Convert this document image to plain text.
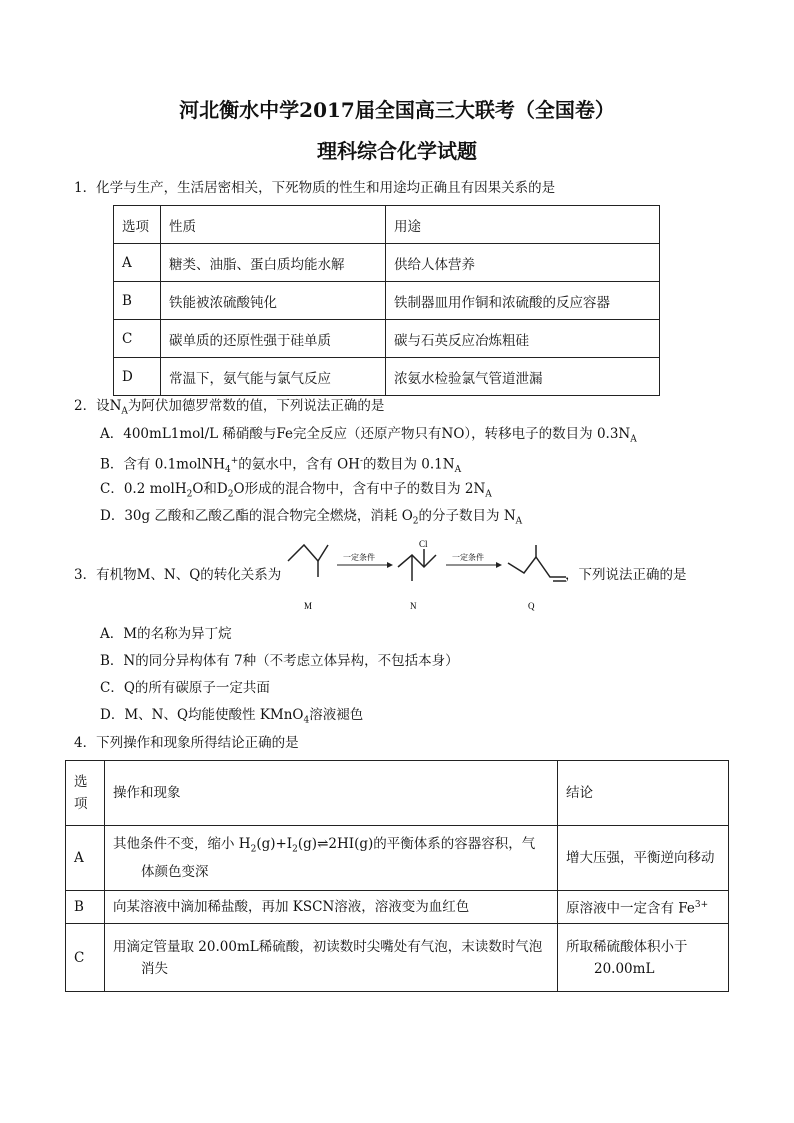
河北衡水中学2017届全国高三大联考（全国卷）
理科综合化学试题
1．化学与生产，生活居密相关，下死物质的性生和用途均正确且有因果关系的是
选项	性质	用途
A	糖类、油脂、蛋白质均能水解	供给人体营养
B	铁能被浓硫酸钝化	铁制器皿用作铜和浓硫酸的反应容器
C	碳单质的还原性强于硅单质	碳与石英反应冶炼粗硅
D	常温下，氨气能与氯气反应	浓氨水检验氯气管道泄漏
2．设$N_A$为阿伏加德罗常数的值，下列说法正确的是
A．400mL1mol/L 稀硝酸与Fe完全反应（还原产物只有NO），转移电子的数目为 $0.3N_A$
B．含有 0.1molNH$_4$+的氨水中，含有 OH-的数目为 $0.1N_A$
C．0.2 molH$_2$O和$D_2O$形成的混合物中，含有中子的数目为 $2N_A$
D．30g 乙酸和乙酸乙酯的混合物完全燃烧，消耗 $O_2$的分子数目为 $N_A$
3．有机物M、N、Q的转化关系为
M
一定条件
Cl
N
一定条件
Q
，下列说法正确的是
A．M的名称为异丁烷
B．N的同分异构体有 7种（不考虑立体异构，不包括本身）
C．Q的所有碳原子一定共面
D．M、N、Q均能使酸性 KMnO$_4$溶液褪色
4．下列操作和现象所得结论正确的是
选
项	操作和现象	结论
A	其他条件不变，缩小 $H_2(g)+I_2(g)\rightleftharpoons 2HI(g)$的平衡体系的容器容积，气
体颜色变深	增大压强，平衡逆向移动
B	向某溶液中滴加稀盐酸，再加 KSCN溶液，溶液变为血红色	原溶液中一定含有 $Fe^{3+}$
C	用滴定管量取 20.00mL稀硫酸，初读数时尖嘴处有气泡，末读数时气泡
消失	所取稀硫酸体积小于
20.00mL
